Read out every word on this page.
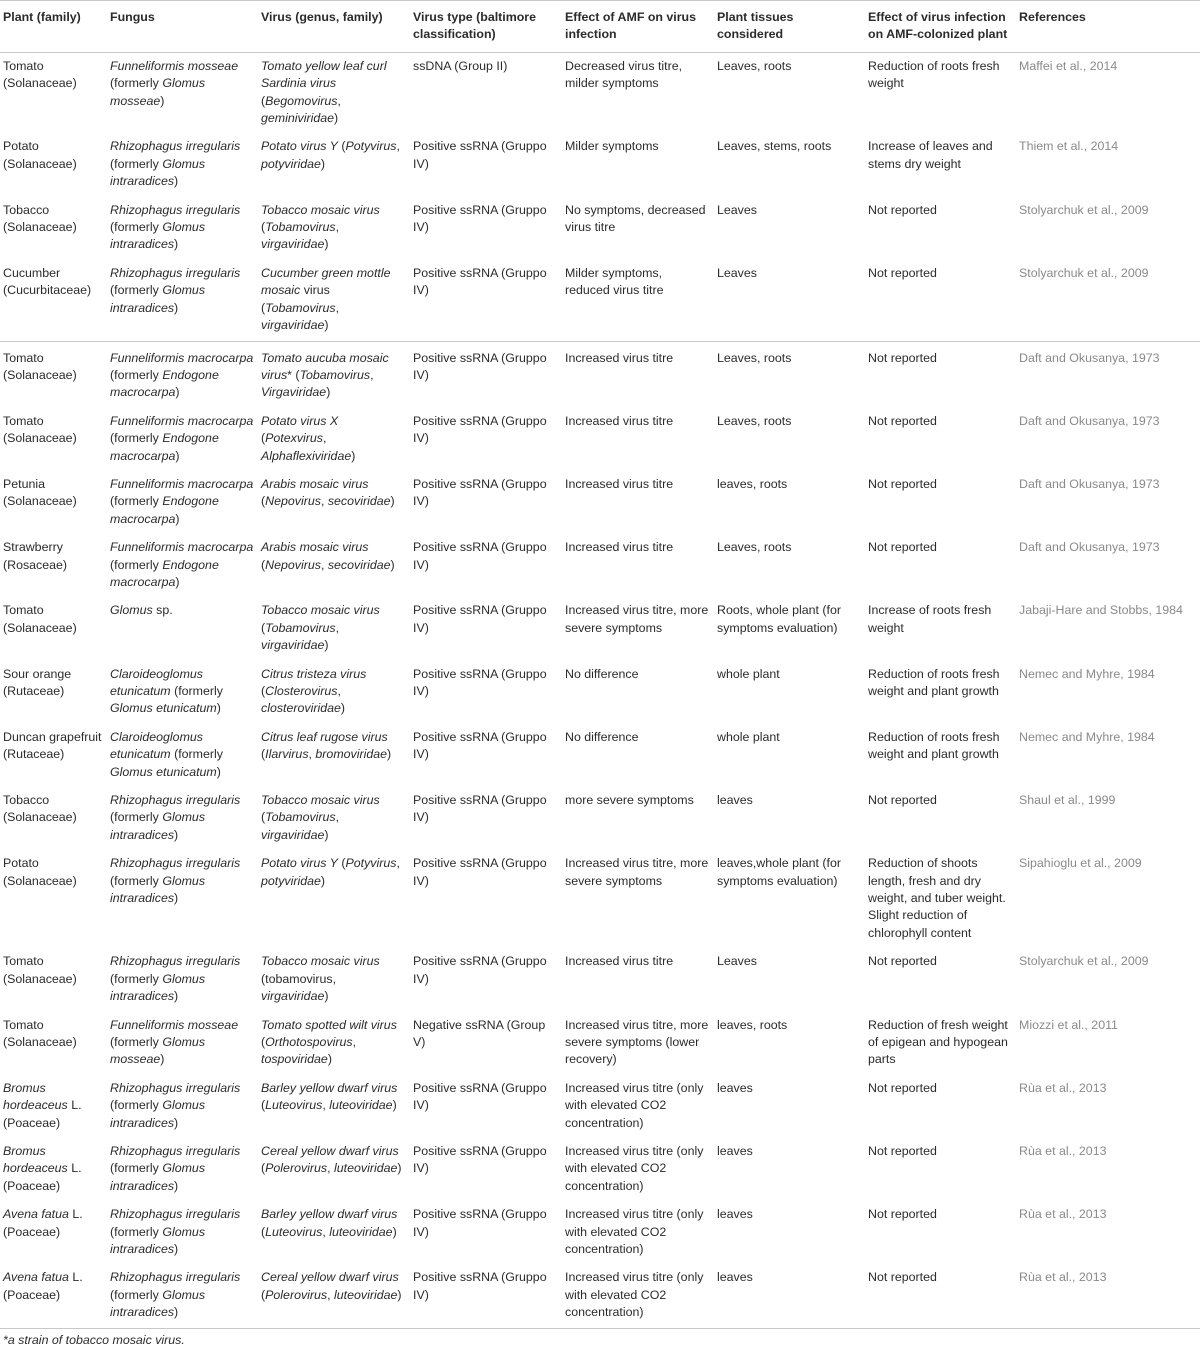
Plant (family)	Fungus	Virus (genus, family)	Virus type (baltimore classification)	Effect of AMF on virus infection	Plant tissues considered	Effect of virus infection on AMF-colonized plant	References
Tomato (Solanaceae)	Funneliformis mosseae (formerly Glomus mosseae)	Tomato yellow leaf curl Sardinia virus (Begomovirus, geminiviridae)	ssDNA (Group II)	Decreased virus titre, milder symptoms	Leaves, roots	Reduction of roots fresh weight	Maffei et al., 2014
Potato (Solanaceae)	Rhizophagus irregularis (formerly Glomus intraradices)	Potato virus Y (Potyvirus, potyviridae)	Positive ssRNA (Gruppo IV)	Milder symptoms	Leaves, stems, roots	Increase of leaves and stems dry weight	Thiem et al., 2014
Tobacco (Solanaceae)	Rhizophagus irregularis (formerly Glomus intraradices)	Tobacco mosaic virus (Tobamovirus, virgaviridae)	Positive ssRNA (Gruppo IV)	No symptoms, decreased virus titre	Leaves	Not reported	Stolyarchuk et al., 2009
Cucumber (Cucurbitaceae)	Rhizophagus irregularis (formerly Glomus intraradices)	Cucumber green mottle mosaic virus (Tobamovirus, virgaviridae)	Positive ssRNA (Gruppo IV)	Milder symptoms, reduced virus titre	Leaves	Not reported	Stolyarchuk et al., 2009
Tomato (Solanaceae)	Funneliformis macrocarpa (formerly Endogone macrocarpa)	Tomato aucuba mosaic virus* (Tobamovirus, Virgaviridae)	Positive ssRNA (Gruppo IV)	Increased virus titre	Leaves, roots	Not reported	Daft and Okusanya, 1973
Tomato (Solanaceae)	Funneliformis macrocarpa (formerly Endogone macrocarpa)	Potato virus X (Potexvirus, Alphaflexiviridae)	Positive ssRNA (Gruppo IV)	Increased virus titre	Leaves, roots	Not reported	Daft and Okusanya, 1973
Petunia (Solanaceae)	Funneliformis macrocarpa (formerly Endogone macrocarpa)	Arabis mosaic virus (Nepovirus, secoviridae)	Positive ssRNA (Gruppo IV)	Increased virus titre	leaves, roots	Not reported	Daft and Okusanya, 1973
Strawberry (Rosaceae)	Funneliformis macrocarpa (formerly Endogone macrocarpa)	Arabis mosaic virus (Nepovirus, secoviridae)	Positive ssRNA (Gruppo IV)	Increased virus titre	Leaves, roots	Not reported	Daft and Okusanya, 1973
Tomato (Solanaceae)	Glomus sp.	Tobacco mosaic virus (Tobamovirus, virgaviridae)	Positive ssRNA (Gruppo IV)	Increased virus titre, more severe symptoms	Roots, whole plant (for symptoms evaluation)	Increase of roots fresh weight	Jabaji-Hare and Stobbs, 1984
Sour orange (Rutaceae)	Claroideoglomus etunicatum (formerly Glomus etunicatum)	Citrus tristeza virus (Closterovirus, closteroviridae)	Positive ssRNA (Gruppo IV)	No difference	whole plant	Reduction of roots fresh weight and plant growth	Nemec and Myhre, 1984
Duncan grapefruit (Rutaceae)	Claroideoglomus etunicatum (formerly Glomus etunicatum)	Citrus leaf rugose virus (Ilarvirus, bromoviridae)	Positive ssRNA (Gruppo IV)	No difference	whole plant	Reduction of roots fresh weight and plant growth	Nemec and Myhre, 1984
Tobacco (Solanaceae)	Rhizophagus irregularis (formerly Glomus intraradices)	Tobacco mosaic virus (Tobamovirus, virgaviridae)	Positive ssRNA (Gruppo IV)	more severe symptoms	leaves	Not reported	Shaul et al., 1999
Potato (Solanaceae)	Rhizophagus irregularis (formerly Glomus intraradices)	Potato virus Y (Potyvirus, potyviridae)	Positive ssRNA (Gruppo IV)	Increased virus titre, more severe symptoms	leaves,whole plant (for symptoms evaluation)	Reduction of shoots length, fresh and dry weight, and tuber weight. Slight reduction of chlorophyll content	Sipahioglu et al., 2009
Tomato (Solanaceae)	Rhizophagus irregularis (formerly Glomus intraradices)	Tobacco mosaic virus (tobamovirus, virgaviridae)	Positive ssRNA (Gruppo IV)	Increased virus titre	Leaves	Not reported	Stolyarchuk et al., 2009
Tomato (Solanaceae)	Funneliformis mosseae (formerly Glomus mosseae)	Tomato spotted wilt virus (Orthotospovirus, tospoviridae)	Negative ssRNA (Group V)	Increased virus titre, more severe symptoms (lower recovery)	leaves, roots	Reduction of fresh weight of epigean and hypogean parts	Miozzi et al., 2011
Bromus hordeaceus L. (Poaceae)	Rhizophagus irregularis (formerly Glomus intraradices)	Barley yellow dwarf virus (Luteovirus, luteoviridae)	Positive ssRNA (Gruppo IV)	Increased virus titre (only with elevated CO2 concentration)	leaves	Not reported	Rùa et al., 2013
Bromus hordeaceus L. (Poaceae)	Rhizophagus irregularis (formerly Glomus intraradices)	Cereal yellow dwarf virus (Polerovirus, luteoviridae)	Positive ssRNA (Gruppo IV)	Increased virus titre (only with elevated CO2 concentration)	leaves	Not reported	Rùa et al., 2013
Avena fatua L. (Poaceae)	Rhizophagus irregularis (formerly Glomus intraradices)	Barley yellow dwarf virus (Luteovirus, luteoviridae)	Positive ssRNA (Gruppo IV)	Increased virus titre (only with elevated CO2 concentration)	leaves	Not reported	Rùa et al., 2013
Avena fatua L. (Poaceae)	Rhizophagus irregularis (formerly Glomus intraradices)	Cereal yellow dwarf virus (Polerovirus, luteoviridae)	Positive ssRNA (Gruppo IV)	Increased virus titre (only with elevated CO2 concentration)	leaves	Not reported	Rùa et al., 2013
*a strain of tobacco mosaic virus.
